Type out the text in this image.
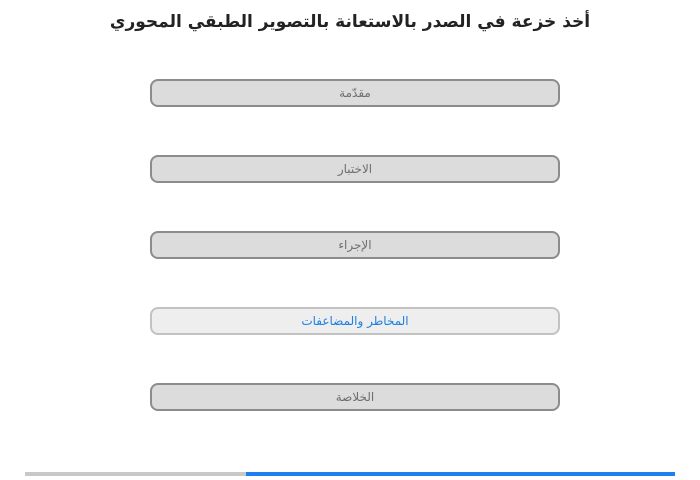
أخذ خزعة في الصدر بالاستعانة بالتصوير الطبقي المحوري
مقدّمة
الاختبار
الإجراء
المخاطر والمضاعفات
الخلاصة
